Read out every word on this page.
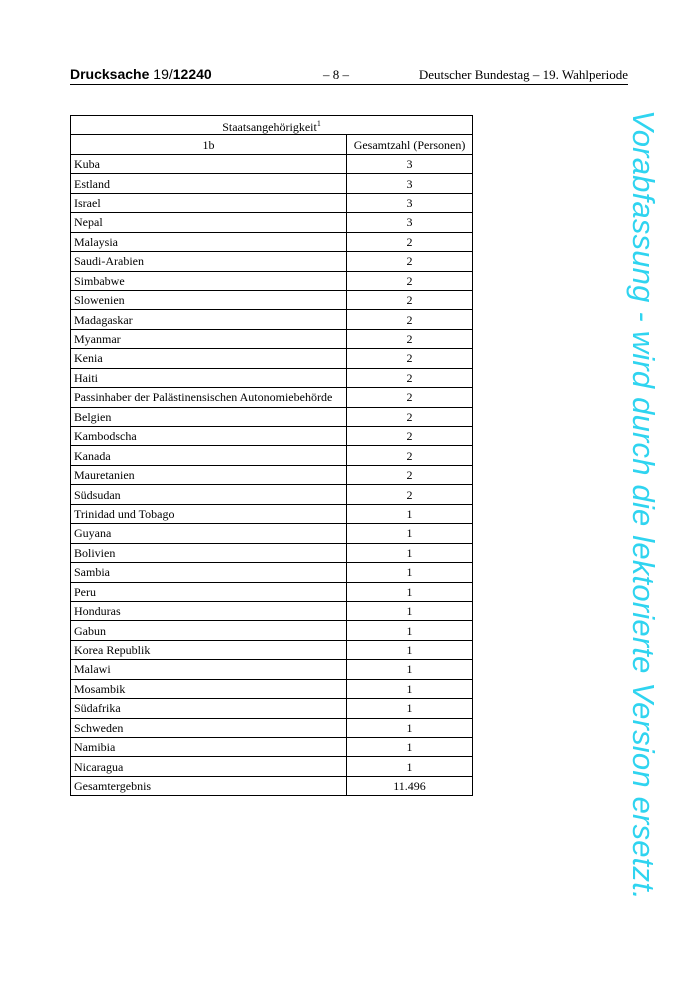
Drucksache 19/12240	– 8 –	Deutscher Bundestag – 19. Wahlperiode
Staatsangehörigkeit$^1$
1b	Gesamtzahl (Personen)
Kuba	3
Estland	3
Israel	3
Nepal	3
Malaysia	2
Saudi-Arabien	2
Simbabwe	2
Slowenien	2
Madagaskar	2
Myanmar	2
Kenia	2
Haiti	2
Passinhaber der Palästinensischen Autonomiebehörde	2
Belgien	2
Kambodscha	2
Kanada	2
Mauretanien	2
Südsudan	2
Trinidad und Tobago	1
Guyana	1
Bolivien	1
Sambia	1
Peru	1
Honduras	1
Gabun	1
Korea Republik	1
Malawi	1
Mosambik	1
Südafrika	1
Schweden	1
Namibia	1
Nicaragua	1
Gesamtergebnis	11.496	Vorabfassung - wird durch die lektorierte Version ersetzt.
